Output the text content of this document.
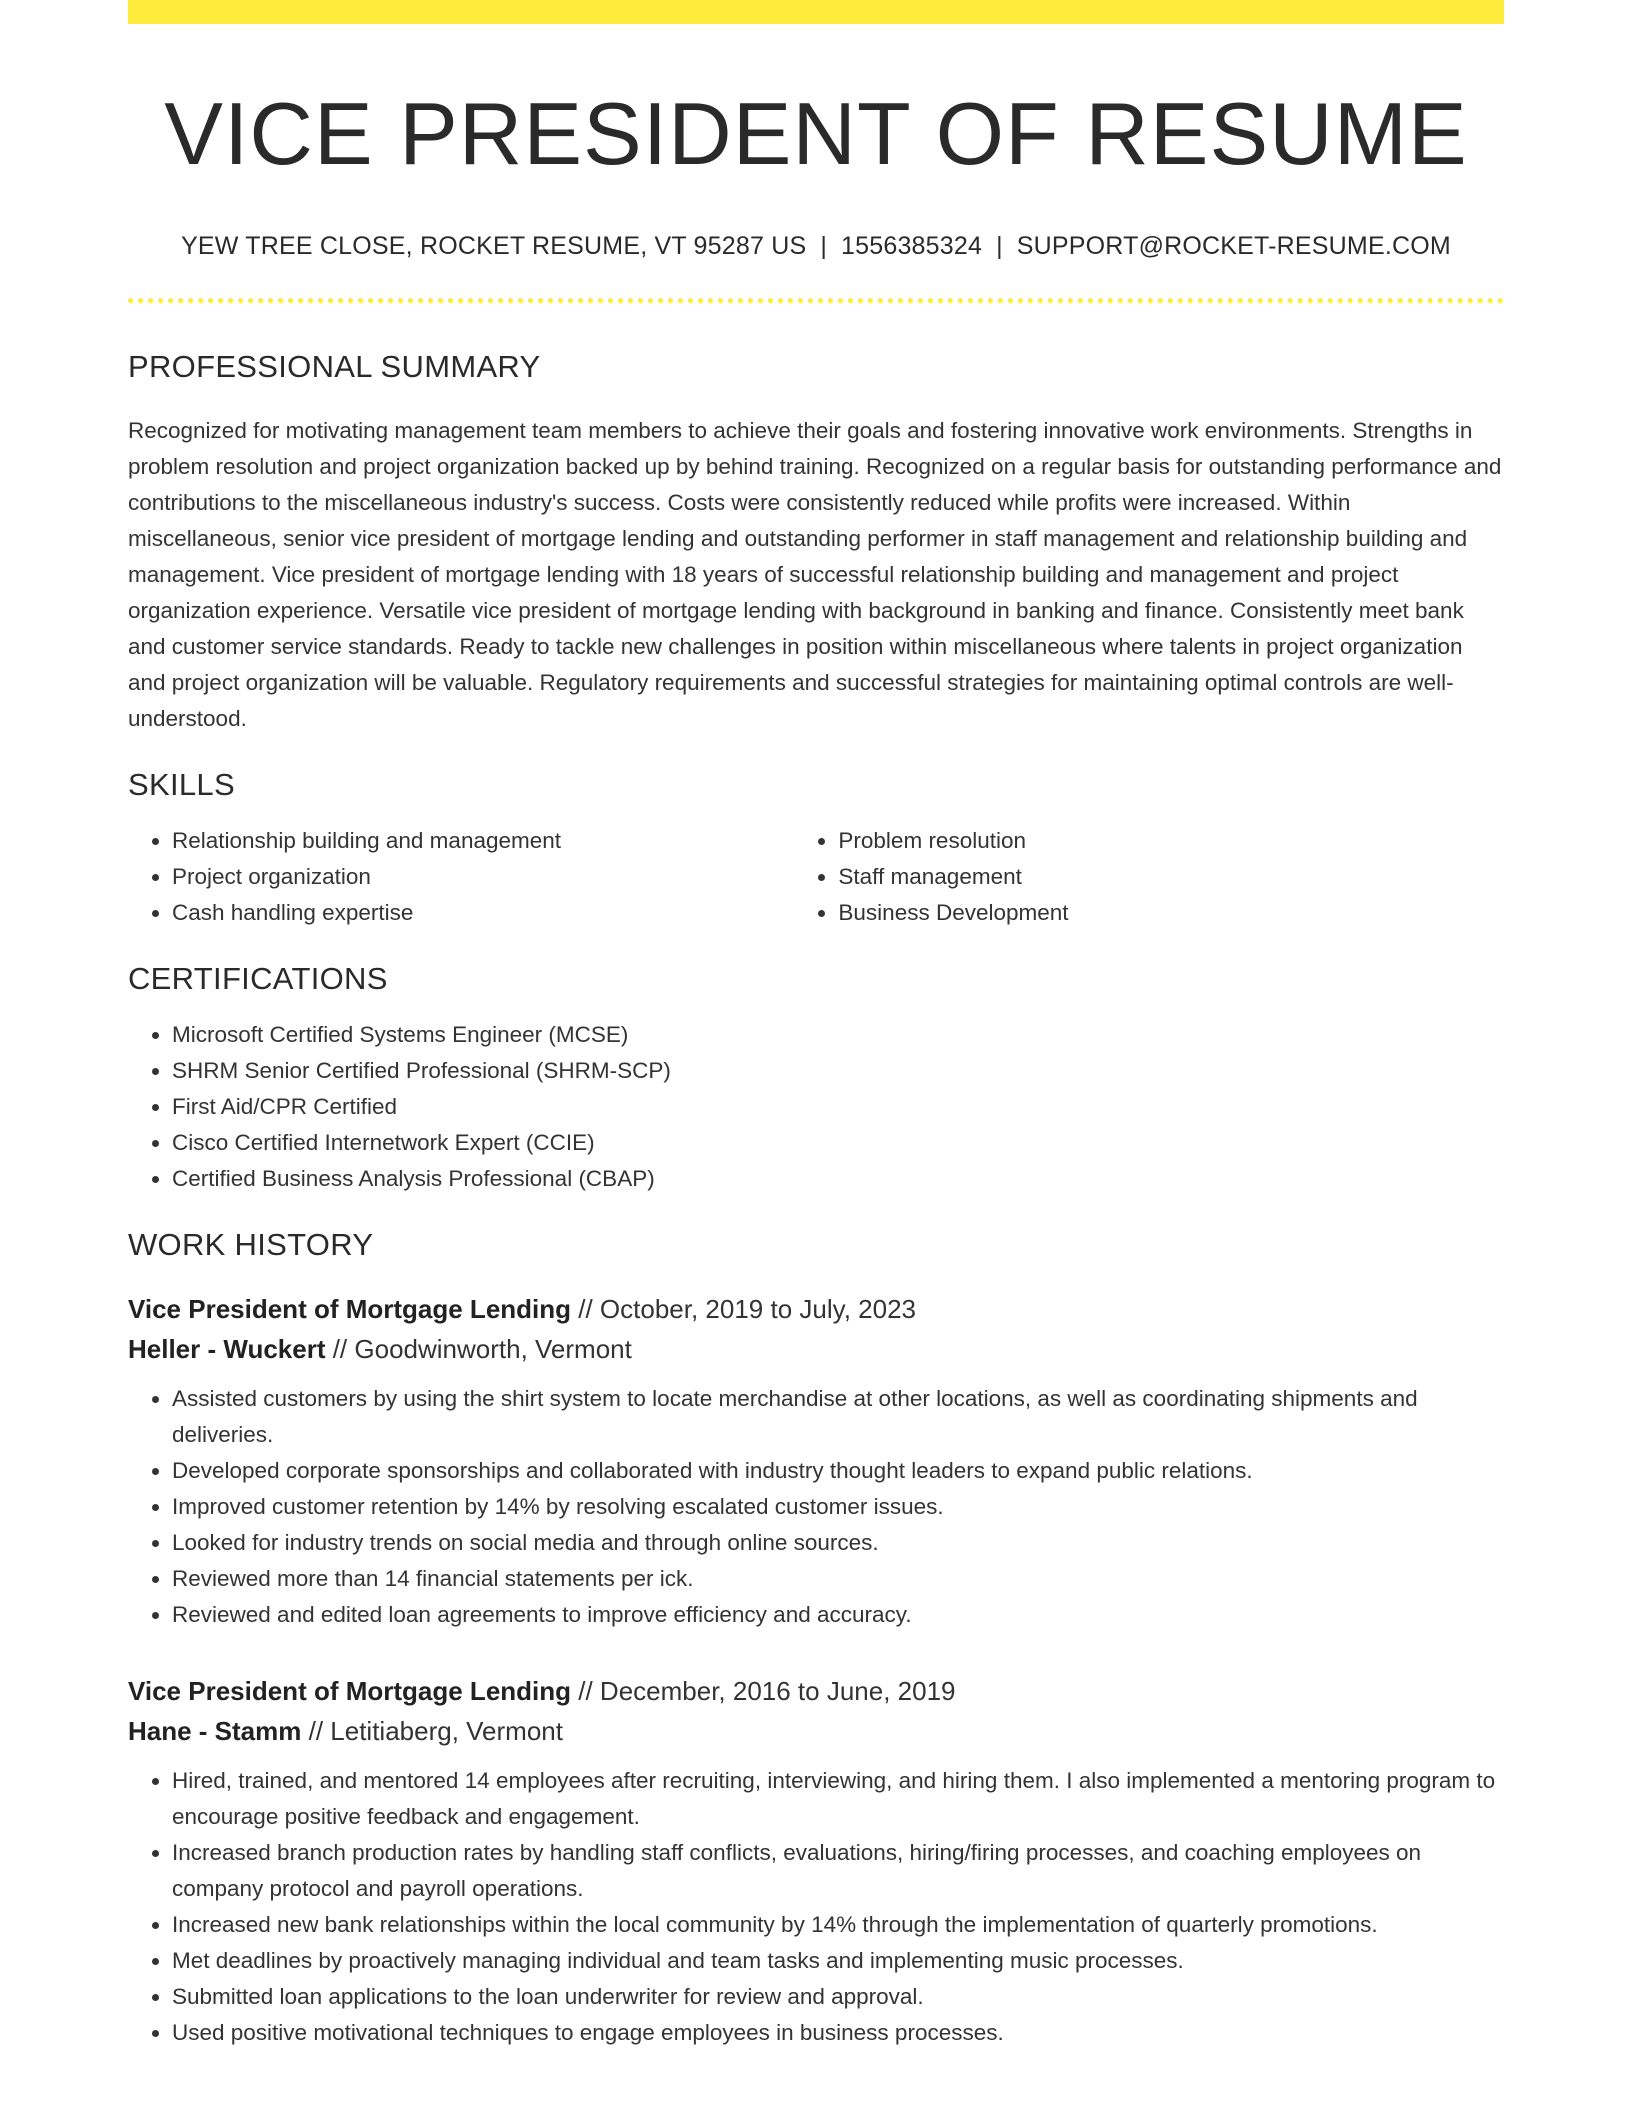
VICE PRESIDENT OF RESUME
YEW TREE CLOSE, ROCKET RESUME, VT 95287 US | 1556385324 | SUPPORT@ROCKET-RESUME.COM
PROFESSIONAL SUMMARY
Recognized for motivating management team members to achieve their goals and fostering innovative work environments. Strengths in problem resolution and project organization backed up by behind training. Recognized on a regular basis for outstanding performance and contributions to the miscellaneous industry's success. Costs were consistently reduced while profits were increased. Within miscellaneous, senior vice president of mortgage lending and outstanding performer in staff management and relationship building and management. Vice president of mortgage lending with 18 years of successful relationship building and management and project organization experience. Versatile vice president of mortgage lending with background in banking and finance. Consistently meet bank and customer service standards. Ready to tackle new challenges in position within miscellaneous where talents in project organization and project organization will be valuable. Regulatory requirements and successful strategies for maintaining optimal controls are well-understood.
SKILLS
• Relationship building and management
• Project organization
• Cash handling expertise
• Problem resolution
• Staff management
• Business Development
CERTIFICATIONS
• Microsoft Certified Systems Engineer (MCSE)
• SHRM Senior Certified Professional (SHRM-SCP)
• First Aid/CPR Certified
• Cisco Certified Internetwork Expert (CCIE)
• Certified Business Analysis Professional (CBAP)
WORK HISTORY
Vice President of Mortgage Lending // October, 2019 to July, 2023
Heller - Wuckert // Goodwinworth, Vermont
• Assisted customers by using the shirt system to locate merchandise at other locations, as well as coordinating shipments and deliveries.
• Developed corporate sponsorships and collaborated with industry thought leaders to expand public relations.
• Improved customer retention by 14% by resolving escalated customer issues.
• Looked for industry trends on social media and through online sources.
• Reviewed more than 14 financial statements per ick.
• Reviewed and edited loan agreements to improve efficiency and accuracy.
Vice President of Mortgage Lending // December, 2016 to June, 2019
Hane - Stamm // Letitiaberg, Vermont
• Hired, trained, and mentored 14 employees after recruiting, interviewing, and hiring them. I also implemented a mentoring program to encourage positive feedback and engagement.
• Increased branch production rates by handling staff conflicts, evaluations, hiring/firing processes, and coaching employees on company protocol and payroll operations.
• Increased new bank relationships within the local community by 14% through the implementation of quarterly promotions.
• Met deadlines by proactively managing individual and team tasks and implementing music processes.
• Submitted loan applications to the loan underwriter for review and approval.
• Used positive motivational techniques to engage employees in business processes.
